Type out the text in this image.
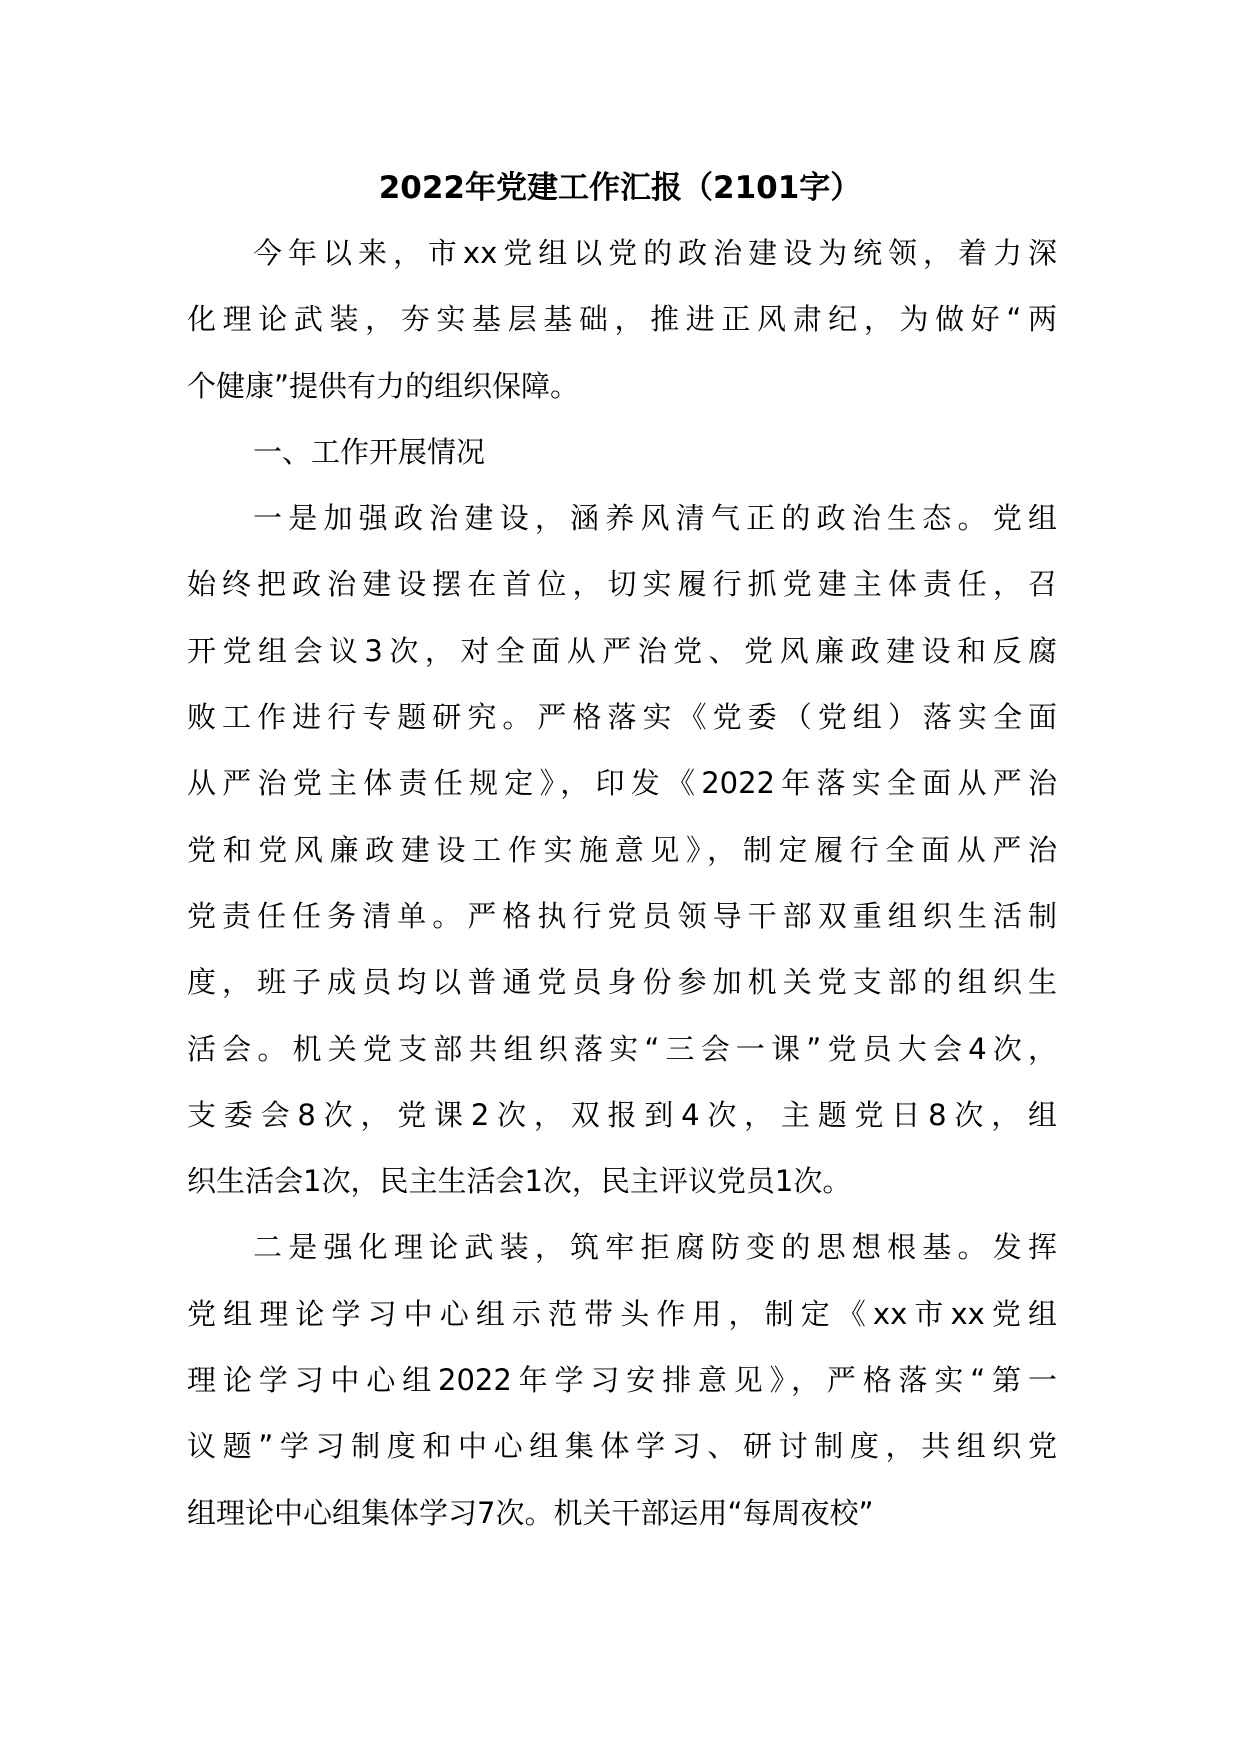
2022年党建工作汇报（2101字）
今年以来，市xx党组以党的政治建设为统领，着力深
化理论武装，夯实基层基础，推进正风肃纪，为做好“两
个健康”提供有力的组织保障。
一、工作开展情况
一是加强政治建设，涵养风清气正的政治生态。党组
始终把政治建设摆在首位，切实履行抓党建主体责任，召
开党组会议3次，对全面从严治党、党风廉政建设和反腐
败工作进行专题研究。严格落实《党委（党组）落实全面
从严治党主体责任规定》，印发《2022年落实全面从严治
党和党风廉政建设工作实施意见》，制定履行全面从严治
党责任任务清单。严格执行党员领导干部双重组织生活制
度，班子成员均以普通党员身份参加机关党支部的组织生
活会。机关党支部共组织落实“三会一课”党员大会4次，
支委会8次，党课2次，双报到4次，主题党日8次，组
织生活会1次，民主生活会1次，民主评议党员1次。
二是强化理论武装，筑牢拒腐防变的思想根基。发挥
党组理论学习中心组示范带头作用，制定《xx市xx党组
理论学习中心组2022年学习安排意见》，严格落实“第一
议题”学习制度和中心组集体学习、研讨制度，共组织党
组理论中心组集体学习7次。机关干部运用“每周夜校”
